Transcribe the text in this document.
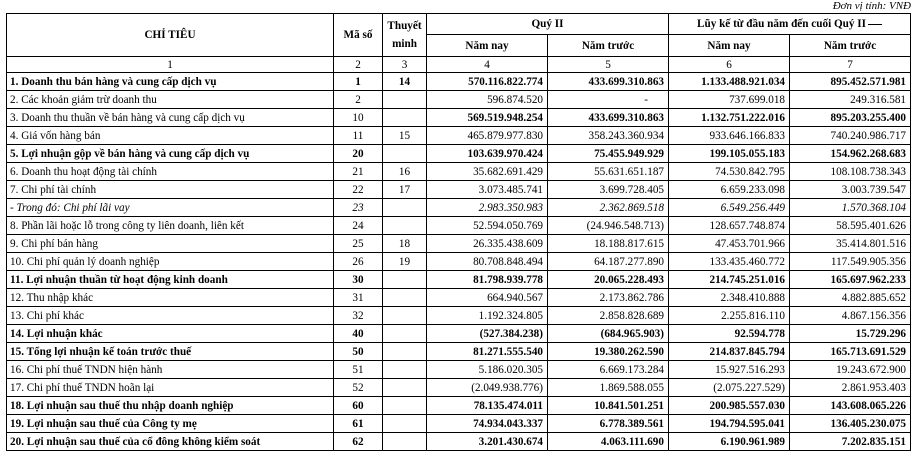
Đơn vị tính: VNĐ
CHỈ TIÊU	Mã số	Thuyết minh	Quý II		Lũy kế từ đầu năm đến cuối Quý II	
			Năm nay	Năm trước	Năm nay	Năm trước
1	2	3	4	5	6	7
1. Doanh thu bán hàng và cung cấp dịch vụ	1	14	570.116.822.774	433.699.310.863	1.133.488.921.034	895.452.571.981
2. Các khoản giảm trừ doanh thu	2		596.874.520	-	737.699.018	249.316.581
3. Doanh thu thuần về bán hàng và cung cấp dịch vụ	10		569.519.948.254	433.699.310.863	1.132.751.222.016	895.203.255.400
4. Giá vốn hàng bán	11	15	465.879.977.830	358.243.360.934	933.646.166.833	740.240.986.717
5. Lợi nhuận gộp về bán hàng và cung cấp dịch vụ	20		103.639.970.424	75.455.949.929	199.105.055.183	154.962.268.683
6. Doanh thu hoạt động tài chính	21	16	35.682.691.429	55.631.651.187	74.530.842.795	108.108.738.343
7. Chi phí tài chính	22	17	3.073.485.741	3.699.728.405	6.659.233.098	3.003.739.547
- Trong đó: Chi phí lãi vay	23		2.983.350.983	2.362.869.518	6.549.256.449	1.570.368.104
8. Phần lãi hoặc lỗ trong công ty liên doanh, liên kết	24		52.594.050.769	(24.946.548.713)	128.657.748.874	58.595.401.626
9. Chi phí bán hàng	25	18	26.335.438.609	18.188.817.615	47.453.701.966	35.414.801.516
10. Chi phí quản lý doanh nghiệp	26	19	80.708.848.494	64.187.277.890	133.435.460.772	117.549.905.356
11. Lợi nhuận thuần từ hoạt động kinh doanh	30		81.798.939.778	20.065.228.493	214.745.251.016	165.697.962.233
12. Thu nhập khác	31		664.940.567	2.173.862.786	2.348.410.888	4.882.885.652
13. Chi phí khác	32		1.192.324.805	2.858.828.689	2.255.816.110	4.867.156.356
14. Lợi nhuận khác	40		(527.384.238)	(684.965.903)	92.594.778	15.729.296
15. Tổng lợi nhuận kế toán trước thuế	50		81.271.555.540	19.380.262.590	214.837.845.794	165.713.691.529
16. Chi phí thuế TNDN hiện hành	51		5.186.020.305	6.669.173.284	15.927.516.293	19.243.672.900
17. Chi phí thuế TNDN hoãn lại	52		(2.049.938.776)	1.869.588.055	(2.075.227.529)	2.861.953.403
18. Lợi nhuận sau thuế thu nhập doanh nghiệp	60		78.135.474.011	10.841.501.251	200.985.557.030	143.608.065.226
19. Lợi nhuận sau thuế của Công ty mẹ	61		74.934.043.337	6.778.389.561	194.794.595.041	136.405.230.075
20. Lợi nhuận sau thuế của cổ đông không kiểm soát	62		3.201.430.674	4.063.111.690	6.190.961.989	7.202.835.151
